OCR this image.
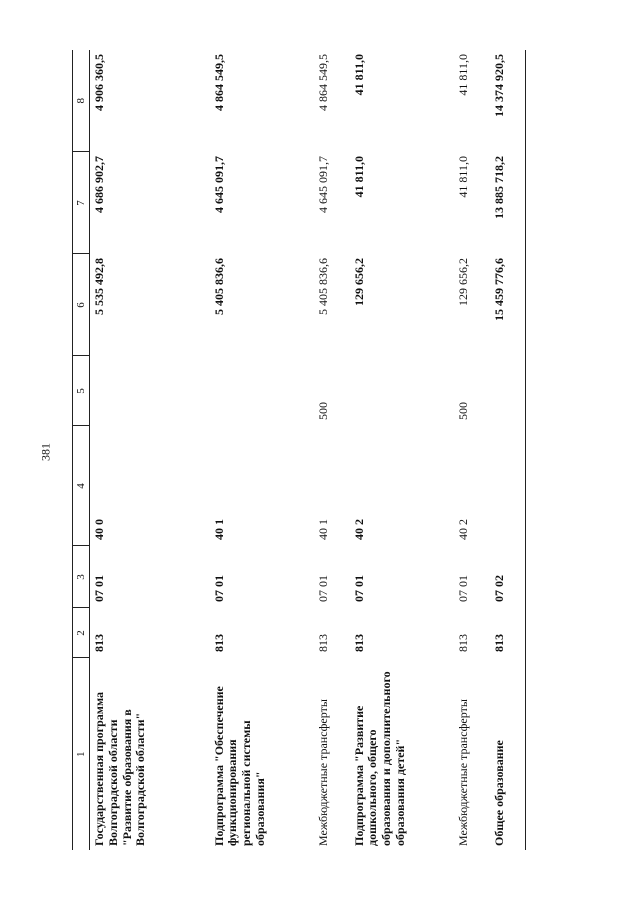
381
1	2	3	4	5	6	7	8
Государственная программа Волгоградской области "Развитие образования в Волгоградской области"	813	07 01	40 0		5 535 492,8	4 686 902,7	4 906 360,5
Подпрограмма "Обеспечение функционирования региональной системы образования"	813	07 01	40 1		5 405 836,6	4 645 091,7	4 864 549,5
Межбюджетные трансферты	813	07 01	40 1	500	5 405 836,6	4 645 091,7	4 864 549,5
Подпрограмма "Развитие дошкольного, общего образования и дополнительного образования детей"	813	07 01	40 2		129 656,2	41 811,0	41 811,0
Межбюджетные трансферты	813	07 01	40 2	500	129 656,2	41 811,0	41 811,0
Общее образование	813	07 02			15 459 776,6	13 885 718,2	14 374 920,5
